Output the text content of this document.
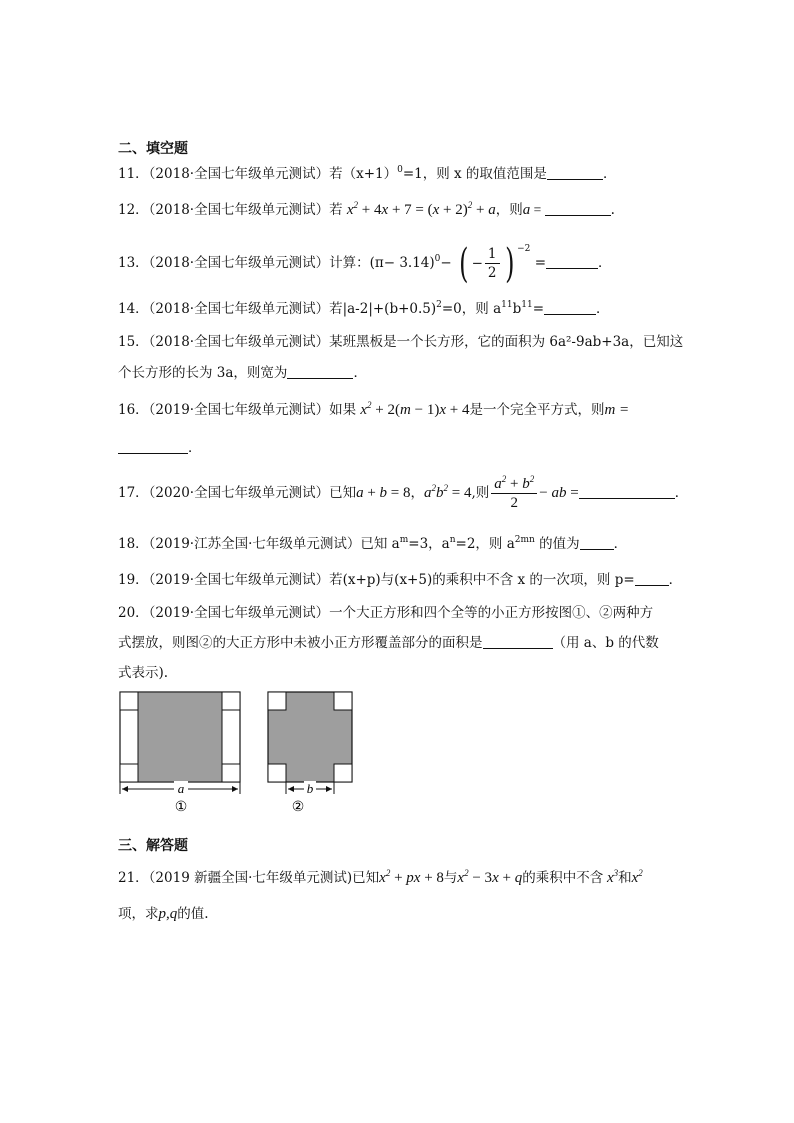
二、填空题
11．（2018·全国七年级单元测试）若$(x+1)^0=1$，则 x 的取值范围是	．
12．（2018·全国七年级单元测试）若 $x^2 + 4x + 7 = (x + 2)^2 + a$，则a =	.
13．（2018·全国七年级单元测试）计算：$(\pi- 3.14)^0-$ ( − $\frac{1}{2}$ ) $^{-2}$ =	．
14．（2018·全国七年级单元测试）若$|a-2|+(b+0.5)^2=0$，则 $a^{11}b^{11}=$	．
15．（2018·全国七年级单元测试）某班黑板是一个长方形，它的面积为 6a²-9ab+3a，已知这
个长方形的长为 3a，则宽为	．
16．（2019·全国七年级单元测试）如果 $x^2 + 2(m - 1)x + 4$是一个完全平方式，则m =
．
17．（2020·全国七年级单元测试）已知a + b = 8，$a^2b^2 = 4$,则 $\frac{a^2 + b^2}{2}$ − ab =	．
18．（2019·江苏全国·七年级单元测试）已知 $a^m=3$，$a^n=2$，则 $a^{2mn}$ 的值为	．
19．（2019·全国七年级单元测试）若(x+p)与(x+5)的乘积中不含 x 的一次项，则 p=	．
20．（2019·全国七年级单元测试）一个大正方形和四个全等的小正方形按图①、②两种方
式摆放，则图②的大正方形中未被小正方形覆盖部分的面积是	（用 a、b 的代数
式表示).
a
①
b
②
三、解答题
21．（2019 新疆全国·七年级单元测试)已知$x^2$ + px + 8与$x^2 - 3x + q$的乘积中不含 $x^3$和$x^2$
项，求p,q的值.
